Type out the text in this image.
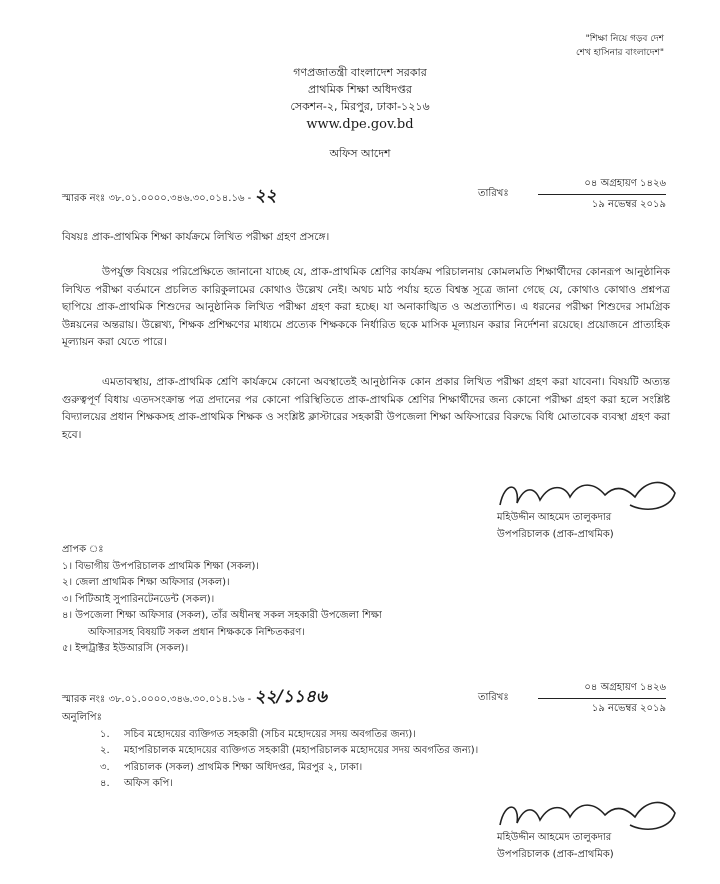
"শিক্ষা নিয়ে গড়ব দেশ
শেখ হাসিনার বাংলাদেশ"
গণপ্রজাতন্ত্রী বাংলাদেশ সরকার
প্রাথমিক শিক্ষা অধিদপ্তর
সেকশন-২, মিরপুর, ঢাকা-১২১৬
www.dpe.gov.bd
অফিস আদেশ
স্মারক নংঃ ৩৮.০১.০০০০.৩৪৬.৩০.০১৪.১৬ - ২২	তারিখঃ
০৪ অগ্রহায়ণ ১৪২৬
১৯ নভেম্বর ২০১৯
বিষয়ঃ প্রাক-প্রাথমিক শিক্ষা কার্যক্রমে লিখিত পরীক্ষা গ্রহণ প্রসঙ্গে।
উপর্যুক্ত বিষয়ের পরিপ্রেক্ষিতে জানানো যাচ্ছে যে, প্রাক-প্রাথমিক শ্রেণির কার্যক্রম পরিচালনায় কোমলমতি শিক্ষার্থীদের কোনরূপ আনুষ্ঠানিক লিখিত পরীক্ষা বর্তমানে প্রচলিত কারিকুলামের কোথাও উল্লেখ নেই। অথচ মাঠ পর্যায় হতে বিশ্বস্ত সূত্রে জানা গেছে যে, কোথাও কোথাও প্রশ্নপত্র ছাপিয়ে প্রাক-প্রাথমিক শিশুদের আনুষ্ঠানিক লিখিত পরীক্ষা গ্রহণ করা হচ্ছে। যা অনাকাঙ্খিত ও অপ্রত্যাশিত। এ ধরনের পরীক্ষা শিশুদের সামগ্রিক উন্নয়নের অন্তরায়। উল্লেখ্য, শিক্ষক প্রশিক্ষণের মাধ্যমে প্রত্যেক শিক্ষককে নির্ধারিত ছকে মাসিক মূল্যায়ন করার নির্দেশনা রয়েছে। প্রয়োজনে প্রাত্যহিক মূল্যায়ন করা যেতে পারে।
এমতাবস্থায়, প্রাক-প্রাথমিক শ্রেণি কার্যক্রমে কোনো অবস্থাতেই আনুষ্ঠানিক কোন প্রকার লিখিত পরীক্ষা গ্রহণ করা যাবেনা। বিষয়টি অত্যন্ত গুরুত্বপূর্ণ বিধায় এতদসংক্রান্ত পত্র প্রদানের পর কোনো পরিস্থিতিতে প্রাক-প্রাথমিক শ্রেণির শিক্ষার্থীদের জন্য কোনো পরীক্ষা গ্রহণ করা হলে সংশ্লিষ্ট বিদ্যালয়ের প্রধান শিক্ষকসহ প্রাক-প্রাথমিক শিক্ষক ও সংশ্লিষ্ট ক্লাস্টারের সহকারী উপজেলা শিক্ষা অফিসারের বিরুদ্ধে বিধি মোতাবেক ব্যবস্থা গ্রহণ করা হবে।
মহিউদ্দীন আহমেদ তালুকদার
উপপরিচালক (প্রাক-প্রাথমিক)
প্রাপক ঃ
১। বিভাগীয় উপপরিচালক প্রাথমিক শিক্ষা (সকল)।
২। জেলা প্রাথমিক শিক্ষা অফিসার (সকল)।
৩। পিটিআই সুপারিনটেনডেন্ট (সকল)।
৪। উপজেলা শিক্ষা অফিসার (সকল), তাঁর অধীনস্থ সকল সহকারী উপজেলা শিক্ষা
অফিসারসহ বিষয়টি সকল প্রধান শিক্ষককে নিশ্চিতকরণ।
৫। ইন্সট্রাক্টর ইউআরসি (সকল)।
স্মারক নংঃ ৩৮.০১.০০০০.৩৪৬.৩০.০১৪.১৬ - ২২/১১৪৬	তারিখঃ
০৪ অগ্রহায়ণ ১৪২৬
১৯ নভেম্বর ২০১৯
অনুলিপিঃ
১. সচিব মহোদয়ের ব্যক্তিগত সহকারী (সচিব মহোদয়ের সদয় অবগতির জন্য)।
২. মহাপরিচালক মহোদয়ের ব্যক্তিগত সহকারী (মহাপরিচালক মহোদয়ের সদয় অবগতির জন্য)।
৩. পরিচালক (সকল) প্রাথমিক শিক্ষা অধিদপ্তর, মিরপুর ২, ঢাকা।
৪. অফিস কপি।
মহিউদ্দীন আহমেদ তালুকদার
উপপরিচালক (প্রাক-প্রাথমিক)
